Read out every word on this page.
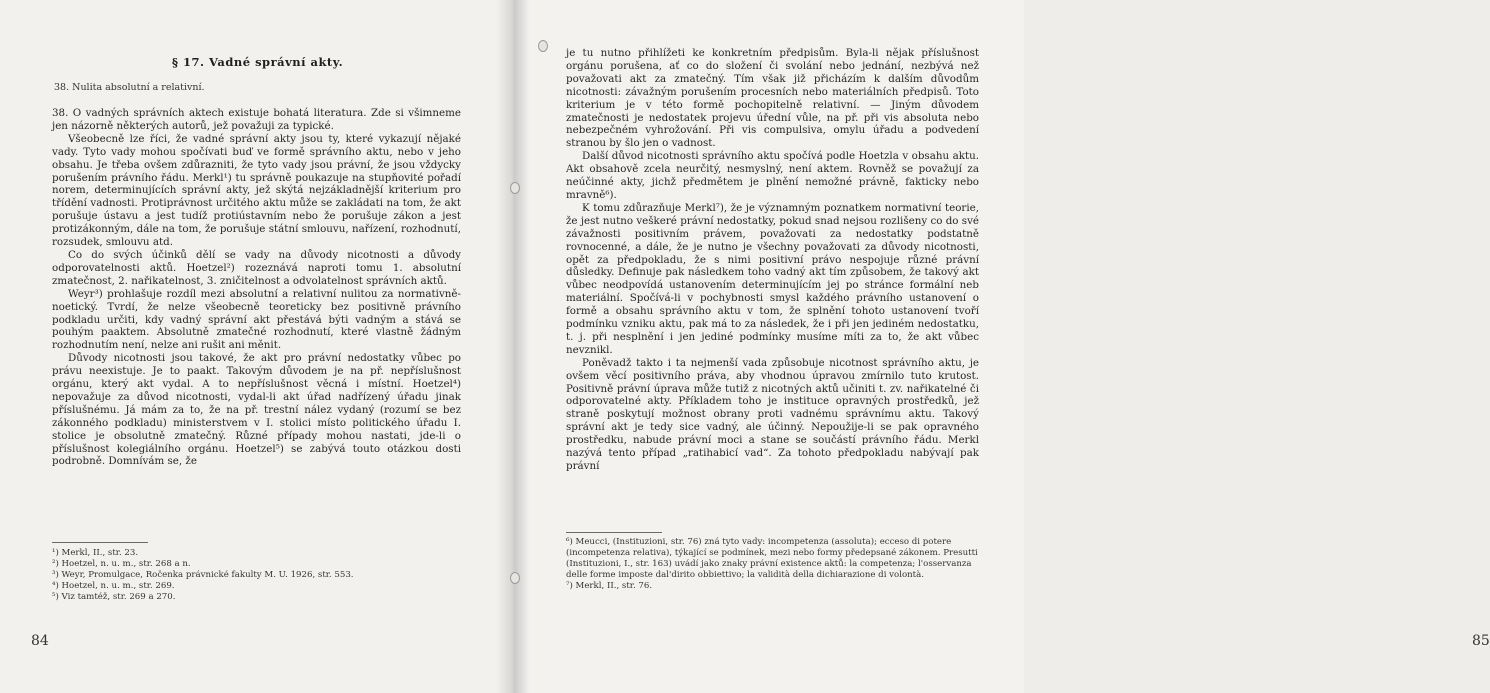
§ 17. Vadné správní akty.
38. Nulita absolutní a relativní.

38. O vadných správních aktech existuje bohatá literatura. Zde si všimneme jen názorně některých autorů, jež považuji za typické.

Všeobecně lze říci, že vadné správní akty jsou ty, které vykazují nějaké vady. Tyto vady mohou spočívati buď ve formě správního aktu, nebo v jeho obsahu. Je třeba ovšem zdůrazniti, že tyto vady jsou právní, že jsou vždycky porušením právního řádu. Merkl¹) tu správně poukazuje na stupňovité pořadí norem, determinujících správní akty, jež skýtá nejzákladnější kriterium pro třídění vadnosti. Protiprávnost určitého aktu může se zakládati na tom, že akt porušuje ústavu a jest tudíž protiústavním nebo že porušuje zákon a jest protizákonným, dále na tom, že porušuje státní smlouvu, nařízení, rozhodnutí, rozsudek, smlouvu atd.

Co do svých účinků dělí se vady na důvody nicotnosti a důvody odporovatelnosti aktů. Hoetzel²) rozeznává naproti tomu 1. absolutní zmatečnost, 2. nařikatelnost, 3. zničitelnost a odvolatelnost správních aktů.

Weyr³) prohlašuje rozdíl mezi absolutní a relativní nulitou za normativně-noetický. Tvrdí, že nelze všeobecně teoreticky bez positivně právního podkladu určiti, kdy vadný správní akt přestává býti vadným a stává se pouhým paaktem. Absolutně zmatečné rozhodnutí, které vlastně žádným rozhodnutím není, nelze ani rušit ani měnit.

Důvody nicotnosti jsou takové, že akt pro právní nedostatky vůbec po právu neexistuje. Je to paakt. Takovým důvodem je na př. nepříslušnost orgánu, který akt vydal. A to nepříslušnost věcná i místní. Hoetzel⁴) nepovažuje za důvod nicotnosti, vydal-li akt úřad nadřízený úřadu jinak příslušnému. Já mám za to, že na př. trestní nález vydaný (rozumí se bez zákonného podkladu) ministerstvem v I. stolici místo politického úřadu I. stolice je obsolutně zmatečný. Různé případy mohou nastati, jde-li o příslušnost kolegiálního orgánu. Hoetzel⁵) se zabývá touto otázkou dosti podrobně. Domnívám se, že

¹) Merkl, II., str. 23.
²) Hoetzel, n. u. m., str. 268 a n.
³) Weyr, Promulgace, Ročenka právnické fakulty M. U. 1926, str. 553.
⁴) Hoetzel, n. u. m., str. 269.
⁵) Viz tamtéž, str. 269 a 270.
84

je tu nutno přihlížeti ke konkretním předpisům. Byla-li nějak příslušnost orgánu porušena, ať co do složení či svolání nebo jednání, nezbývá než považovati akt za zmatečný. Tím však již přicházím k dalším důvodům nicotnosti: závažným porušením procesních nebo materiálních předpisů. Toto kriterium je v této formě pochopitelně relativní. — Jiným důvodem zmatečnosti je nedostatek projevu úřední vůle, na př. při vis absoluta nebo nebezpečném vyhrožování. Při vis compulsiva, omylu úřadu a podvedení stranou by šlo jen o vadnost.

Další důvod nicotnosti správního aktu spočívá podle Hoetzla v obsahu aktu. Akt obsahově zcela neurčitý, nesmyslný, není aktem. Rovněž se považují za neúčinné akty, jichž předmětem je plnění nemožné právně, fakticky nebo mravně⁶).

K tomu zdůrazňuje Merkl⁷), že je významným poznatkem normativní teorie, že jest nutno veškeré právní nedostatky, pokud snad nejsou rozlišeny co do své závažnosti positivním právem, považovati za nedostatky podstatně rovnocenné, a dále, že je nutno je všechny považovati za důvody nicotnosti, opět za předpokladu, že s nimi positivní právo nespojuje různé právní důsledky. Definuje pak následkem toho vadný akt tím způsobem, že takový akt vůbec neodpovídá ustanovením determinujícím jej po stránce formální neb materiální. Spočívá-li v pochybnosti smysl každého právního ustanovení o formě a obsahu správního aktu v tom, že splnění tohoto ustanovení tvoří podmínku vzniku aktu, pak má to za následek, že i při jen jediném nedostatku, t. j. při nesplnění i jen jediné podmínky musíme míti za to, že akt vůbec nevznikl.

Poněvadž takto i ta nejmenší vada způsobuje nicotnost správního aktu, je ovšem věcí positivního práva, aby vhodnou úpravou zmírnilo tuto krutost. Positivně právní úprava může tutiž z nicotných aktů učiniti t. zv. nařikatelné či odporovatelné akty. Příkladem toho je instituce opravných prostředků, jež straně poskytují možnost obrany proti vadnému správnímu aktu. Takový správní akt je tedy sice vadný, ale účinný. Nepoužije-li se pak opravného prostředku, nabude právní moci a stane se součástí právního řádu. Merkl nazývá tento případ „ratihabicí vad“. Za tohoto předpokladu nabývají pak právní

⁶) Meucci, (Instituzioni, str. 76) zná tyto vady: incompetenza (assoluta); ecceso di potere (incompetenza relativa), týkající se podmínek, mezi nebo formy předepsané zákonem. Presutti (Instituzioni, I., str. 163) uvádí jako znaky právní existence aktů: la competenza; l'osservanza delle forme imposte dal'dirito obbiettivo; la validità della dichiarazione di volontà.
⁷) Merkl, II., str. 76.
85
